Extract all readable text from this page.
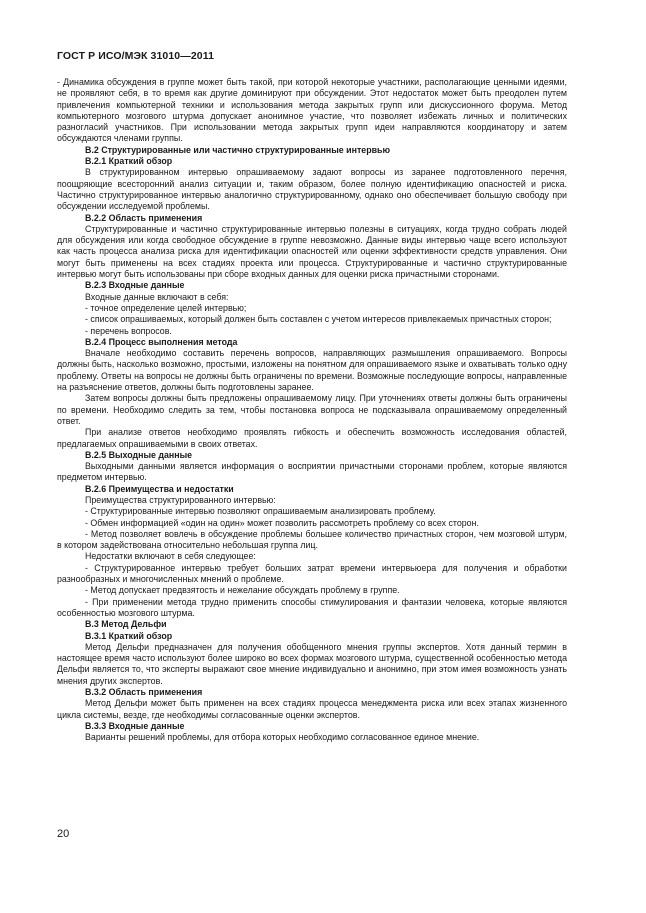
ГОСТ Р ИСО/МЭК 31010—2011

- Динамика обсуждения в группе может быть такой, при которой некоторые участники, располагающие ценными идеями, не проявляют себя, в то время как другие доминируют при обсуждении. Этот недостаток может быть преодолен путем привлечения компьютерной техники и использования метода закрытых групп или дискуссионного форума. Метод компьютерного мозгового штурма допускает анонимное участие, что позволяет избежать личных и политических разногласий участников. При использовании метода закрытых групп идеи направляются координатору и затем обсуждаются членами группы.

В.2 Структурированные или частично структурированные интервью

В.2.1 Краткий обзор

В структурированном интервью опрашиваемому задают вопросы из заранее подготовленного перечня, поощряющие всесторонний анализ ситуации и, таким образом, более полную идентификацию опасностей и риска. Частично структурированное интервью аналогично структурированному, однако оно обеспечивает большую свободу при обсуждении исследуемой проблемы.

В.2.2 Область применения

Структурированные и частично структурированные интервью полезны в ситуациях, когда трудно собрать людей для обсуждения или когда свободное обсуждение в группе невозможно. Данные виды интервью чаще всего используют как часть процесса анализа риска для идентификации опасностей или оценки эффективности средств управления. Они могут быть применены на всех стадиях проекта или процесса. Структурированные и частично структурированные интервью могут быть использованы при сборе входных данных для оценки риска причастными сторонами.

В.2.3 Входные данные

Входные данные включают в себя:

- точное определение целей интервью;

- список опрашиваемых, который должен быть составлен с учетом интересов привлекаемых причастных сторон;

- перечень вопросов.

В.2.4 Процесс выполнения метода

Вначале необходимо составить перечень вопросов, направляющих размышления опрашиваемого. Вопросы должны быть, насколько возможно, простыми, изложены на понятном для опрашиваемого языке и охватывать только одну проблему. Ответы на вопросы не должны быть ограничены по времени. Возможные последующие вопросы, направленные на разъяснение ответов, должны быть подготовлены заранее.

Затем вопросы должны быть предложены опрашиваемому лицу. При уточнениях ответы должны быть ограничены по времени. Необходимо следить за тем, чтобы постановка вопроса не подсказывала опрашиваемому определенный ответ.

При анализе ответов необходимо проявлять гибкость и обеспечить возможность исследования областей, предлагаемых опрашиваемыми в своих ответах.

В.2.5 Выходные данные

Выходными данными является информация о восприятии причастными сторонами проблем, которые являются предметом интервью.

В.2.6 Преимущества и недостатки

Преимущества структурированного интервью:

- Структурированные интервью позволяют опрашиваемым анализировать проблему.

- Обмен информацией «один на один» может позволить рассмотреть проблему со всех сторон.

- Метод позволяет вовлечь в обсуждение проблемы большее количество причастных сторон, чем мозговой штурм, в котором задействована относительно небольшая группа лиц.

Недостатки включают в себя следующее:

- Структурированное интервью требует больших затрат времени интервьюера для получения и обработки разнообразных и многочисленных мнений о проблеме.

- Метод допускает предвзятость и нежелание обсуждать проблему в группе.

- При применении метода трудно применить способы стимулирования и фантазии человека, которые являются особенностью мозгового штурма.

В.3 Метод Дельфи

В.3.1 Краткий обзор

Метод Дельфи предназначен для получения обобщенного мнения группы экспертов. Хотя данный термин в настоящее время часто используют более широко во всех формах мозгового штурма, существенной особенностью метода Дельфи является то, что эксперты выражают свое мнение индивидуально и анонимно, при этом имея возможность узнать мнения других экспертов.

В.3.2 Область применения

Метод Дельфи может быть применен на всех стадиях процесса менеджмента риска или всех этапах жизненного цикла системы, везде, где необходимы согласованные оценки экспертов.

В.3.3 Входные данные

Варианты решений проблемы, для отбора которых необходимо согласованное единое мнение.

20
